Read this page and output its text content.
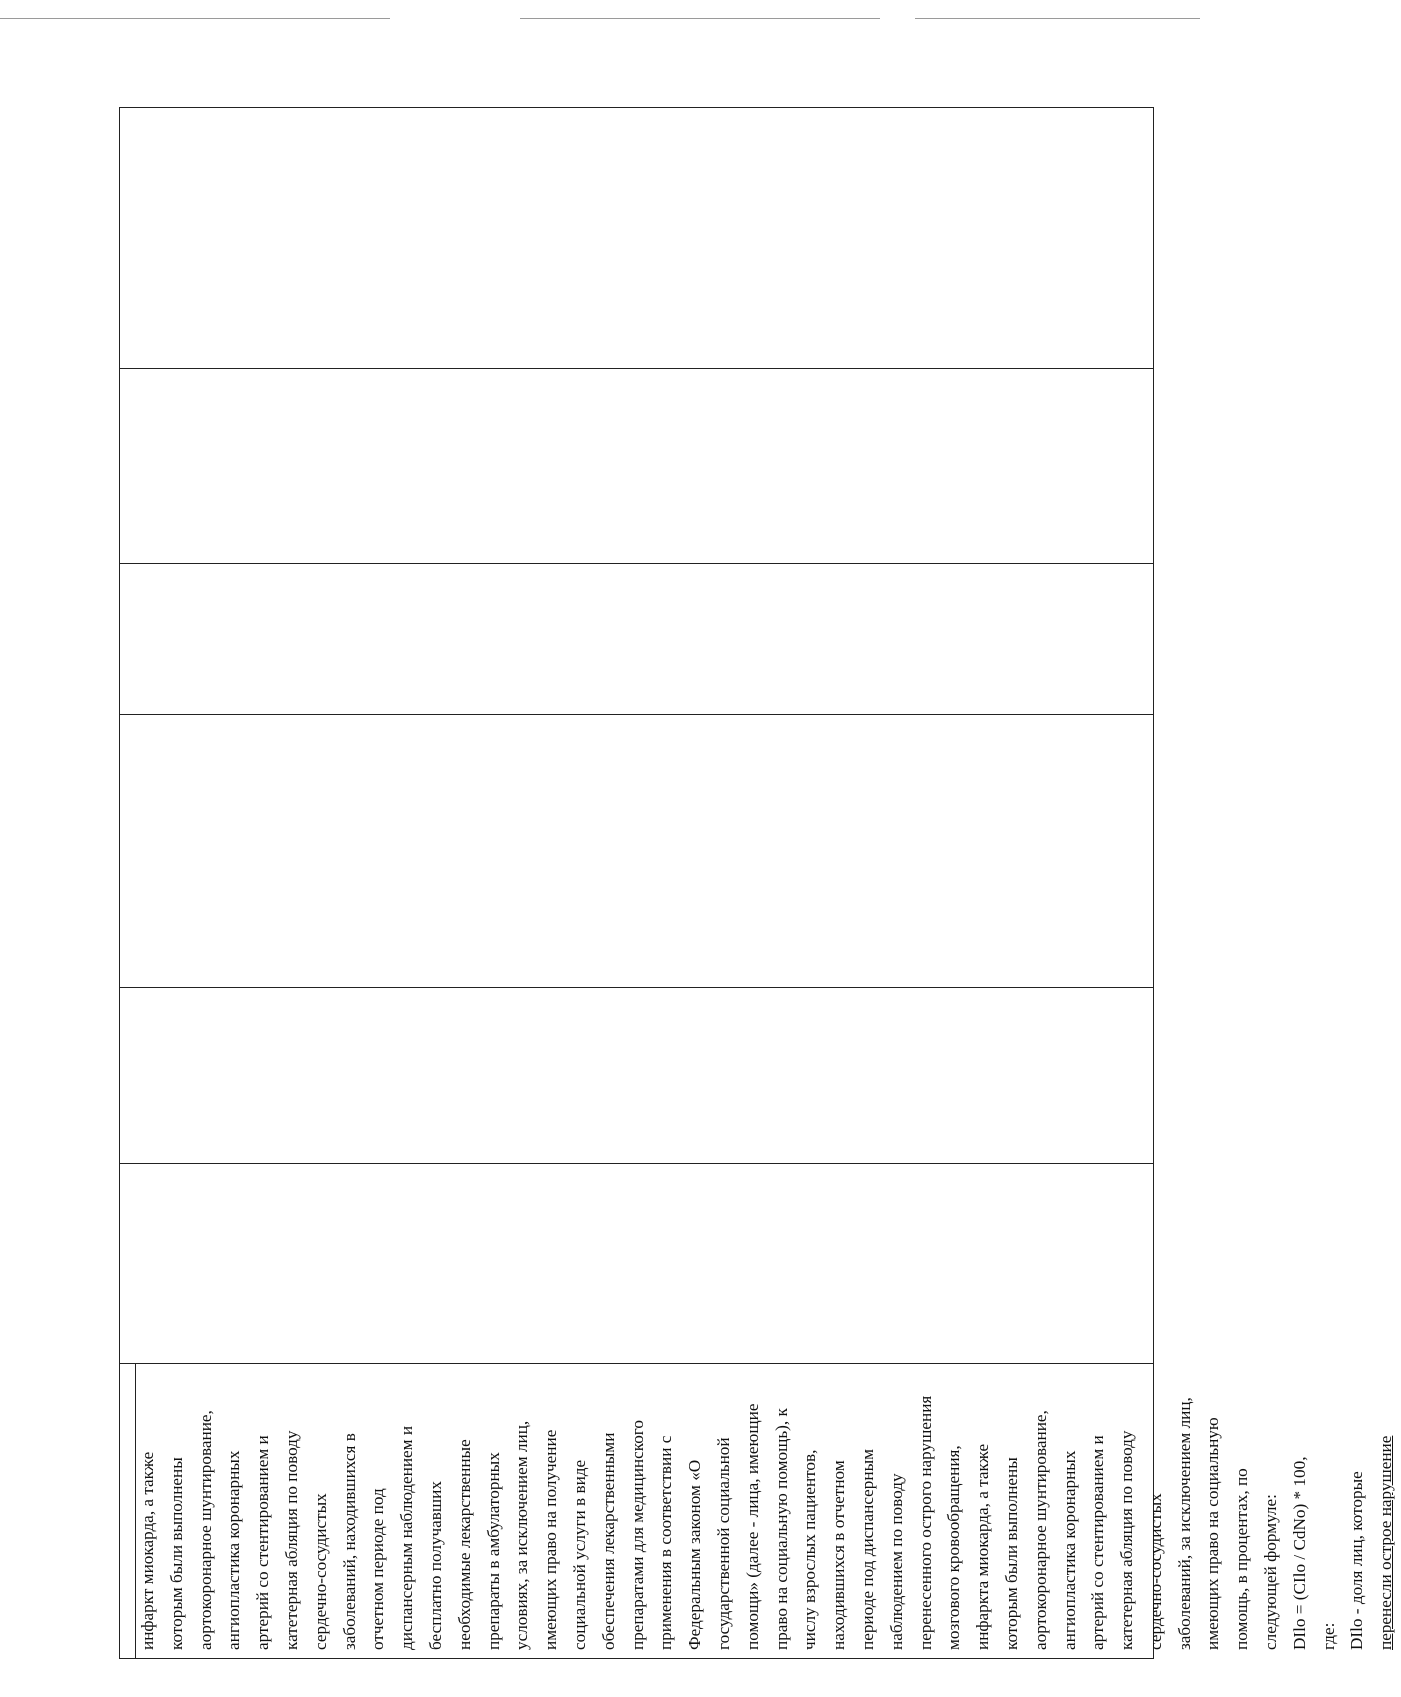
инфаркт миокарда, а также которым были выполнены аортокоронарное шунтирование, ангиопластика коронарных артерий со стентированием и катетерная абляция по поводу сердечно-сосудистых заболеваний, находившихся в отчетном периоде под диспансерным наблюдением и бесплатно получавших необходимые лекарственные препараты в амбулаторных условиях, за исключением лиц, имеющих право на получение социальной услуги в виде обеспечения лекарственными препаратами для медицинского применения в соответствии с Федеральным законом «О государственной социальной помощи» (далее - лица, имеющие право на социальную помощь), к числу взрослых пациентов, находившихся в отчетном периоде под диспансерным наблюдением по поводу перенесенного острого нарушения мозгового кровообращения, инфаркта миокарда, а также которым были выполнены аортокоронарное шунтирование, ангиопластика коронарных артерий со стентированием и катетерная абляция по поводу сердечно-сосудистых заболеваний, за исключением лиц, имеющих право на социальную помощь, в процентах, по следующей формуле: DIlo = (CIlo / CdNo) * 100, где: DIlo - доля лиц, которые перенесли острое нарушение
